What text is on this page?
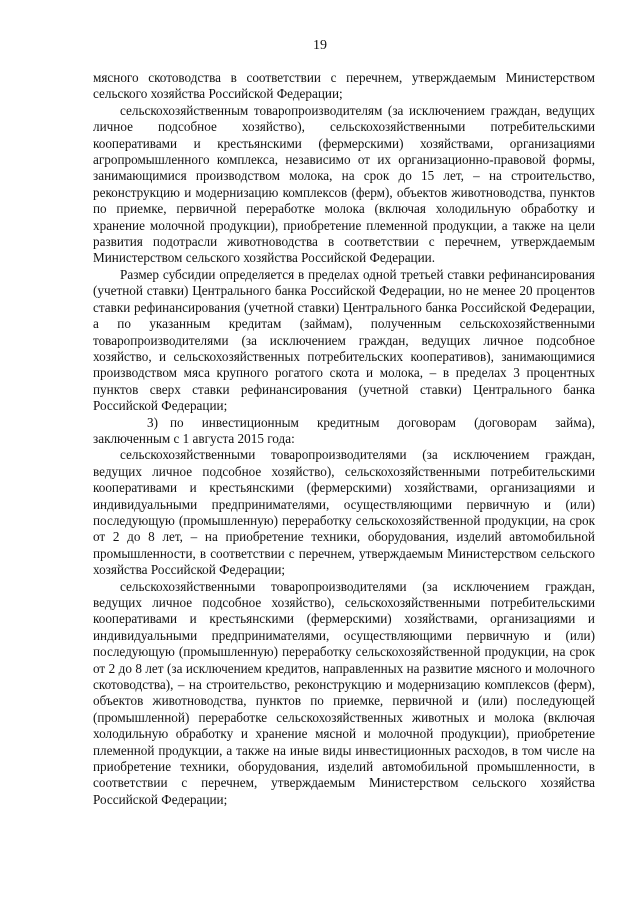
19

мясного скотоводства в соответствии с перечнем, утверждаемым Министерством сельского хозяйства Российской Федерации;

сельскохозяйственным товаропроизводителям (за исключением граждан, ведущих личное подсобное хозяйство), сельскохозяйственными потребительскими кооперативами и крестьянскими (фермерскими) хозяйствами, организациями агропромышленного комплекса, независимо от их организационно-правовой формы, занимающимися производством молока, на срок до 15 лет, – на строительство, реконструкцию и модернизацию комплексов (ферм), объектов животноводства, пунктов по приемке, первичной переработке молока (включая холодильную обработку и хранение молочной продукции), приобретение племенной продукции, а также на цели развития подотрасли животноводства в соответствии с перечнем, утверждаемым Министерством сельского хозяйства Российской Федерации.

Размер субсидии определяется в пределах одной третьей ставки рефинансирования (учетной ставки) Центрального банка Российской Федерации, но не менее 20 процентов ставки рефинансирования (учетной ставки) Центрального банка Российской Федерации, а по указанным кредитам (займам), полученным сельскохозяйственными товаропроизводителями (за исключением граждан, ведущих личное подсобное хозяйство, и сельскохозяйственных потребительских кооперативов), занимающимися производством мяса крупного рогатого скота и молока, – в пределах 3 процентных пунктов сверх ставки рефинансирования (учетной ставки) Центрального банка Российской Федерации;

3) по инвестиционным кредитным договорам (договорам займа), заключенным с 1 августа 2015 года:

сельскохозяйственными товаропроизводителями (за исключением граждан, ведущих личное подсобное хозяйство), сельскохозяйственными потребительскими кооперативами и крестьянскими (фермерскими) хозяйствами, организациями и индивидуальными предпринимателями, осуществляющими первичную и (или) последующую (промышленную) переработку сельскохозяйственной продукции, на срок от 2 до 8 лет, – на приобретение техники, оборудования, изделий автомобильной промышленности, в соответствии с перечнем, утверждаемым Министерством сельского хозяйства Российской Федерации;

сельскохозяйственными товаропроизводителями (за исключением граждан, ведущих личное подсобное хозяйство), сельскохозяйственными потребительскими кооперативами и крестьянскими (фермерскими) хозяйствами, организациями и индивидуальными предпринимателями, осуществляющими первичную и (или) последующую (промышленную) переработку сельскохозяйственной продукции, на срок от 2 до 8 лет (за исключением кредитов, направленных на развитие мясного и молочного скотоводства), – на строительство, реконструкцию и модернизацию комплексов (ферм), объектов животноводства, пунктов по приемке, первичной и (или) последующей (промышленной) переработке сельскохозяйственных животных и молока (включая холодильную обработку и хранение мясной и молочной продукции), приобретение племенной продукции, а также на иные виды инвестиционных расходов, в том числе на приобретение техники, оборудования, изделий автомобильной промышленности, в соответствии с перечнем, утверждаемым Министерством сельского хозяйства Российской Федерации;
